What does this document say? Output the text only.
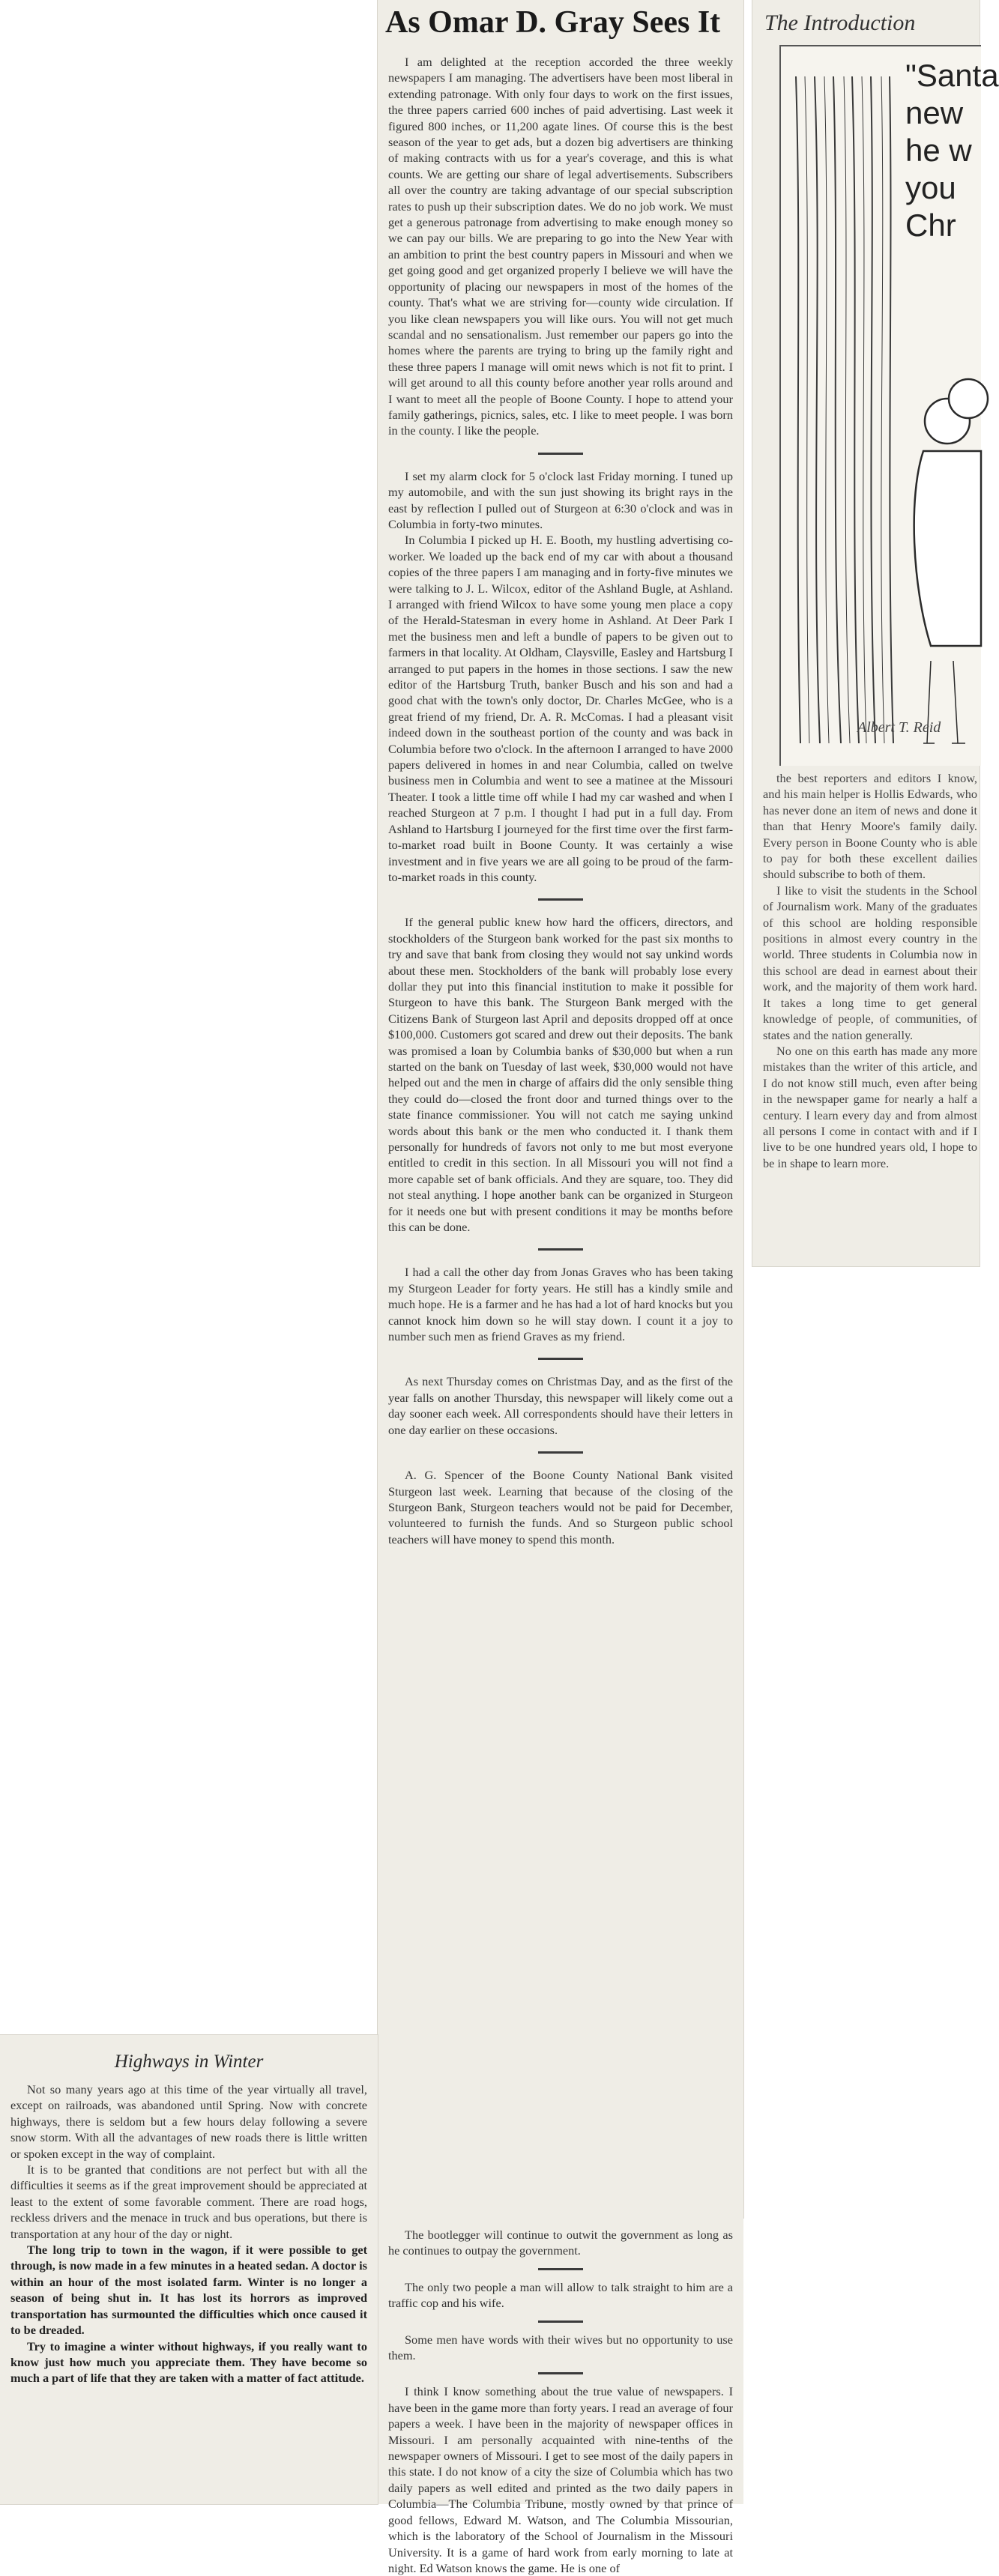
As Omar D. Gray Sees It

I am delighted at the reception accorded the three weekly newspapers I am managing. The advertisers have been most liberal in extending patronage. With only four days to work on the first issues, the three papers carried 600 inches of paid advertising. Last week it figured 800 inches, or 11,200 agate lines. Of course this is the best season of the year to get ads, but a dozen big advertisers are thinking of making contracts with us for a year's coverage, and this is what counts. We are getting our share of legal advertisements. Subscribers all over the country are taking advantage of our special subscription rates to push up their subscription dates. We do no job work. We must get a generous patronage from advertising to make enough money so we can pay our bills. We are preparing to go into the New Year with an ambition to print the best country papers in Missouri and when we get going good and get organized properly I believe we will have the opportunity of placing our newspapers in most of the homes of the county. That's what we are striving for—county wide circulation. If you like clean newspapers you will like ours. You will not get much scandal and no sensationalism. Just remember our papers go into the homes where the parents are trying to bring up the family right and these three papers I manage will omit news which is not fit to print. I will get around to all this county before another year rolls around and I want to meet all the people of Boone County. I hope to attend your family gatherings, picnics, sales, etc. I like to meet people. I was born in the county. I like the people.

I set my alarm clock for 5 o'clock last Friday morning. I tuned up my automobile, and with the sun just showing its bright rays in the east by reflection I pulled out of Sturgeon at 6:30 o'clock and was in Columbia in forty-two minutes.

In Columbia I picked up H. E. Booth, my hustling advertising co-worker. We loaded up the back end of my car with about a thousand copies of the three papers I am managing and in forty-five minutes we were talking to J. L. Wilcox, editor of the Ashland Bugle, at Ashland. I arranged with friend Wilcox to have some young men place a copy of the Herald-Statesman in every home in Ashland. At Deer Park I met the business men and left a bundle of papers to be given out to farmers in that locality. At Oldham, Claysville, Easley and Hartsburg I arranged to put papers in the homes in those sections. I saw the new editor of the Hartsburg Truth, banker Busch and his son and had a good chat with the town's only doctor, Dr. Charles McGee, who is a great friend of my friend, Dr. A. R. McComas. I had a pleasant visit indeed down in the southeast portion of the county and was back in Columbia before two o'clock. In the afternoon I arranged to have 2000 papers delivered in homes in and near Columbia, called on twelve business men in Columbia and went to see a matinee at the Missouri Theater. I took a little time off while I had my car washed and when I reached Sturgeon at 7 p.m. I thought I had put in a full day. From Ashland to Hartsburg I journeyed for the first time over the first farm-to-market road built in Boone County. It was certainly a wise investment and in five years we are all going to be proud of the farm-to-market roads in this county.

If the general public knew how hard the officers, directors, and stockholders of the Sturgeon bank worked for the past six months to try and save that bank from closing they would not say unkind words about these men. Stockholders of the bank will probably lose every dollar they put into this financial institution to make it possible for Sturgeon to have this bank. The Sturgeon Bank merged with the Citizens Bank of Sturgeon last April and deposits dropped off at once $100,000. Customers got scared and drew out their deposits. The bank was promised a loan by Columbia banks of $30,000 but when a run started on the bank on Tuesday of last week, $30,000 would not have helped out and the men in charge of affairs did the only sensible thing they could do—closed the front door and turned things over to the state finance commissioner. You will not catch me saying unkind words about this bank or the men who conducted it. I thank them personally for hundreds of favors not only to me but most everyone entitled to credit in this section. In all Missouri you will not find a more capable set of bank officials. And they are square, too. They did not steal anything. I hope another bank can be organized in Sturgeon for it needs one but with present conditions it may be months before this can be done.

I had a call the other day from Jonas Graves who has been taking my Sturgeon Leader for forty years. He still has a kindly smile and much hope. He is a farmer and he has had a lot of hard knocks but you cannot knock him down so he will stay down. I count it a joy to number such men as friend Graves as my friend.

As next Thursday comes on Christmas Day, and as the first of the year falls on another Thursday, this newspaper will likely come out a day sooner each week. All correspondents should have their letters in one day earlier on these occasions.

A. G. Spencer of the Boone County National Bank visited Sturgeon last week. Learning that because of the closing of the Sturgeon Bank, Sturgeon teachers would not be paid for December, volunteered to furnish the funds. And so Sturgeon public school teachers will have money to spend this month.

The bootlegger will continue to outwit the government as long as he continues to outpay the government.

The only two people a man will allow to talk straight to him are a traffic cop and his wife.

Some men have words with their wives but no opportunity to use them.

I think I know something about the true value of newspapers. I have been in the game more than forty years. I read an average of four papers a week. I have been in the majority of newspaper offices in Missouri. I am personally acquainted with nine-tenths of the newspaper owners of Missouri. I get to see most of the daily papers in this state. I do not know of a city the size of Columbia which has two daily papers as well edited and printed as the two daily papers in Columbia—The Columbia Tribune, mostly owned by that prince of good fellows, Edward M. Watson, and The Columbia Missourian, which is the laboratory of the School of Journalism in the Missouri University. It is a game of hard work from early morning to late at night. Ed Watson knows the game. He is one of

Highways in Winter

Not so many years ago at this time of the year virtually all travel, except on railroads, was abandoned until Spring. Now with concrete highways, there is seldom but a few hours delay following a severe snow storm. With all the advantages of new roads there is little written or spoken except in the way of complaint.

It is to be granted that conditions are not perfect but with all the difficulties it seems as if the great improvement should be appreciated at least to the extent of some favorable comment. There are road hogs, reckless drivers and the menace in truck and bus operations, but there is transportation at any hour of the day or night.

The long trip to town in the wagon, if it were possible to get through, is now made in a few minutes in a heated sedan. A doctor is within an hour of the most isolated farm. Winter is no longer a season of being shut in. It has lost its horrors as improved transportation has surmounted the difficulties which once caused it to be dreaded.

Try to imagine a winter without highways, if you really want to know just how much you appreciate them. They have become so much a part of life that they are taken with a matter of fact attitude.

The Introduction
"Santa
new
he w
you
Chr
Albert T. Reid

the best reporters and editors I know, and his main helper is Hollis Edwards, who has never done an item of news and done it than that Henry Moore's family daily. Every person in Boone County who is able to pay for both these excellent dailies should subscribe to both of them.

I like to visit the students in the School of Journalism work. Many of the graduates of this school are holding responsible positions in almost every country in the world. Three students in Columbia now in this school are dead in earnest about their work, and the majority of them work hard. It takes a long time to get general knowledge of people, of communities, of states and the nation generally.

No one on this earth has made any more mistakes than the writer of this article, and I do not know still much, even after being in the newspaper game for nearly a half a century. I learn every day and from almost all persons I come in contact with and if I live to be one hundred years old, I hope to be in shape to learn more.
